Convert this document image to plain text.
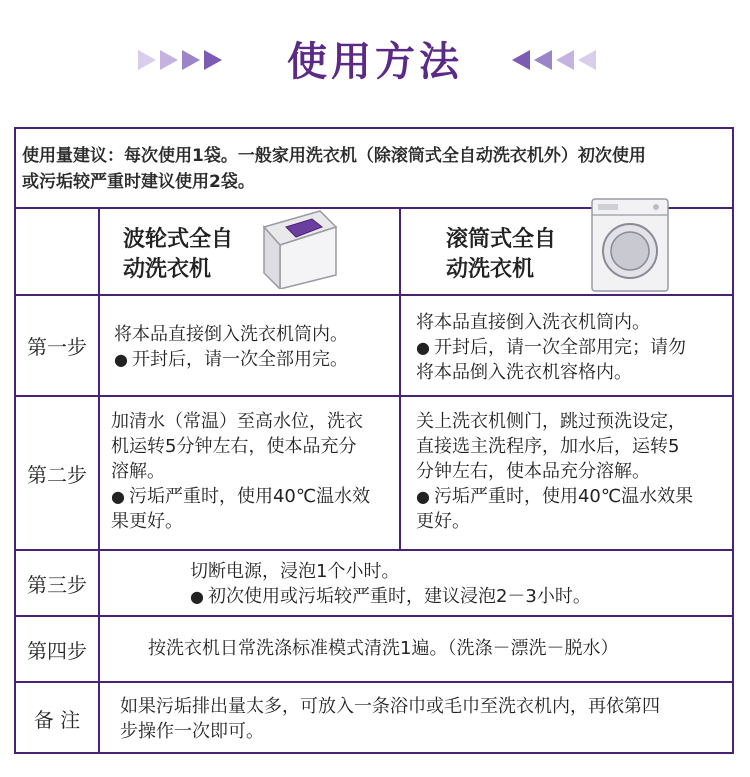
使用方法
使用量建议：每次使用1袋。一般家用洗衣机（除滚筒式全自动洗衣机外）初次使用
或污垢较严重时建议使用2袋。
波轮式全自
动洗衣机
滚筒式全自
动洗衣机
第一步
将本品直接倒入洗衣机筒内。
● 开封后，请一次全部用完。
将本品直接倒入洗衣机筒内。
● 开封后，请一次全部用完；请勿
将本品倒入洗衣机容格内。
第二步
加清水（常温）至高水位，洗衣
机运转5分钟左右，使本品充分
溶解。
● 污垢严重时，使用40℃温水效
果更好。
关上洗衣机侧门，跳过预洗设定，
直接选主洗程序，加水后，运转5
分钟左右，使本品充分溶解。
● 污垢严重时，使用40℃温水效果
更好。
第三步
切断电源，浸泡1个小时。
● 初次使用或污垢较严重时，建议浸泡2－3小时。
第四步	按洗衣机日常洗涤标准模式清洗1遍。（洗涤－漂洗－脱水）
备 注
如果污垢排出量太多，可放入一条浴巾或毛巾至洗衣机内，再依第四
步操作一次即可。
